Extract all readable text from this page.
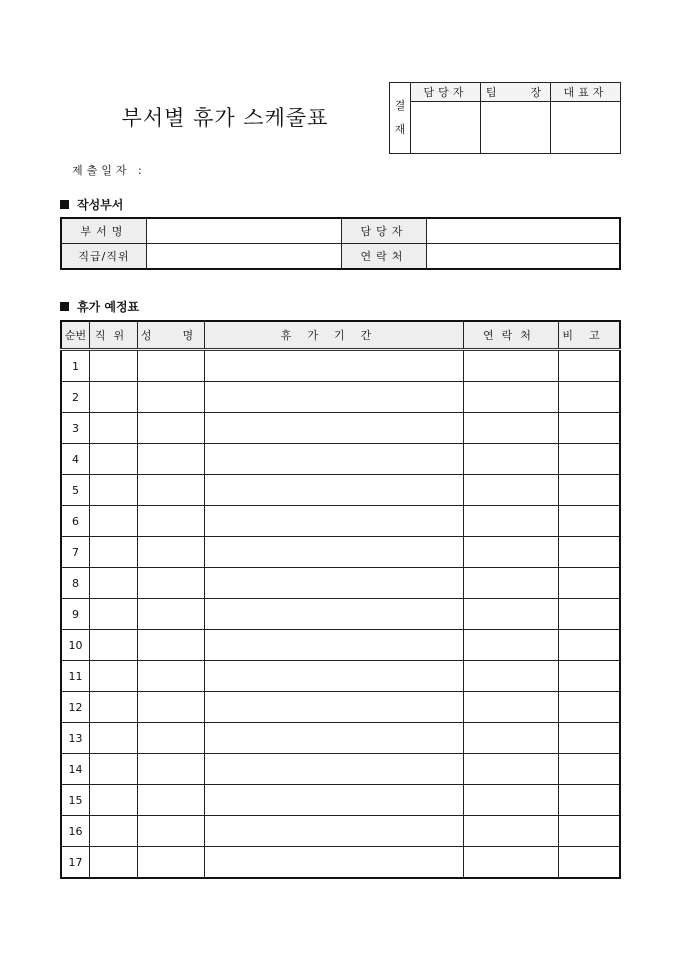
부서별 휴가 스케줄표
결
재	담당자	팀    장	대표자

제출일자 :
작성부서
부서명		담당자	
직급/직위		연락처	
휴가 예정표
순번	직위	성  명	휴가기간	연락처	비고
1					
2					
3					
4					
5					
6					
7					
8					
9					
10					
11					
12					
13					
14					
15					
16					
17					
